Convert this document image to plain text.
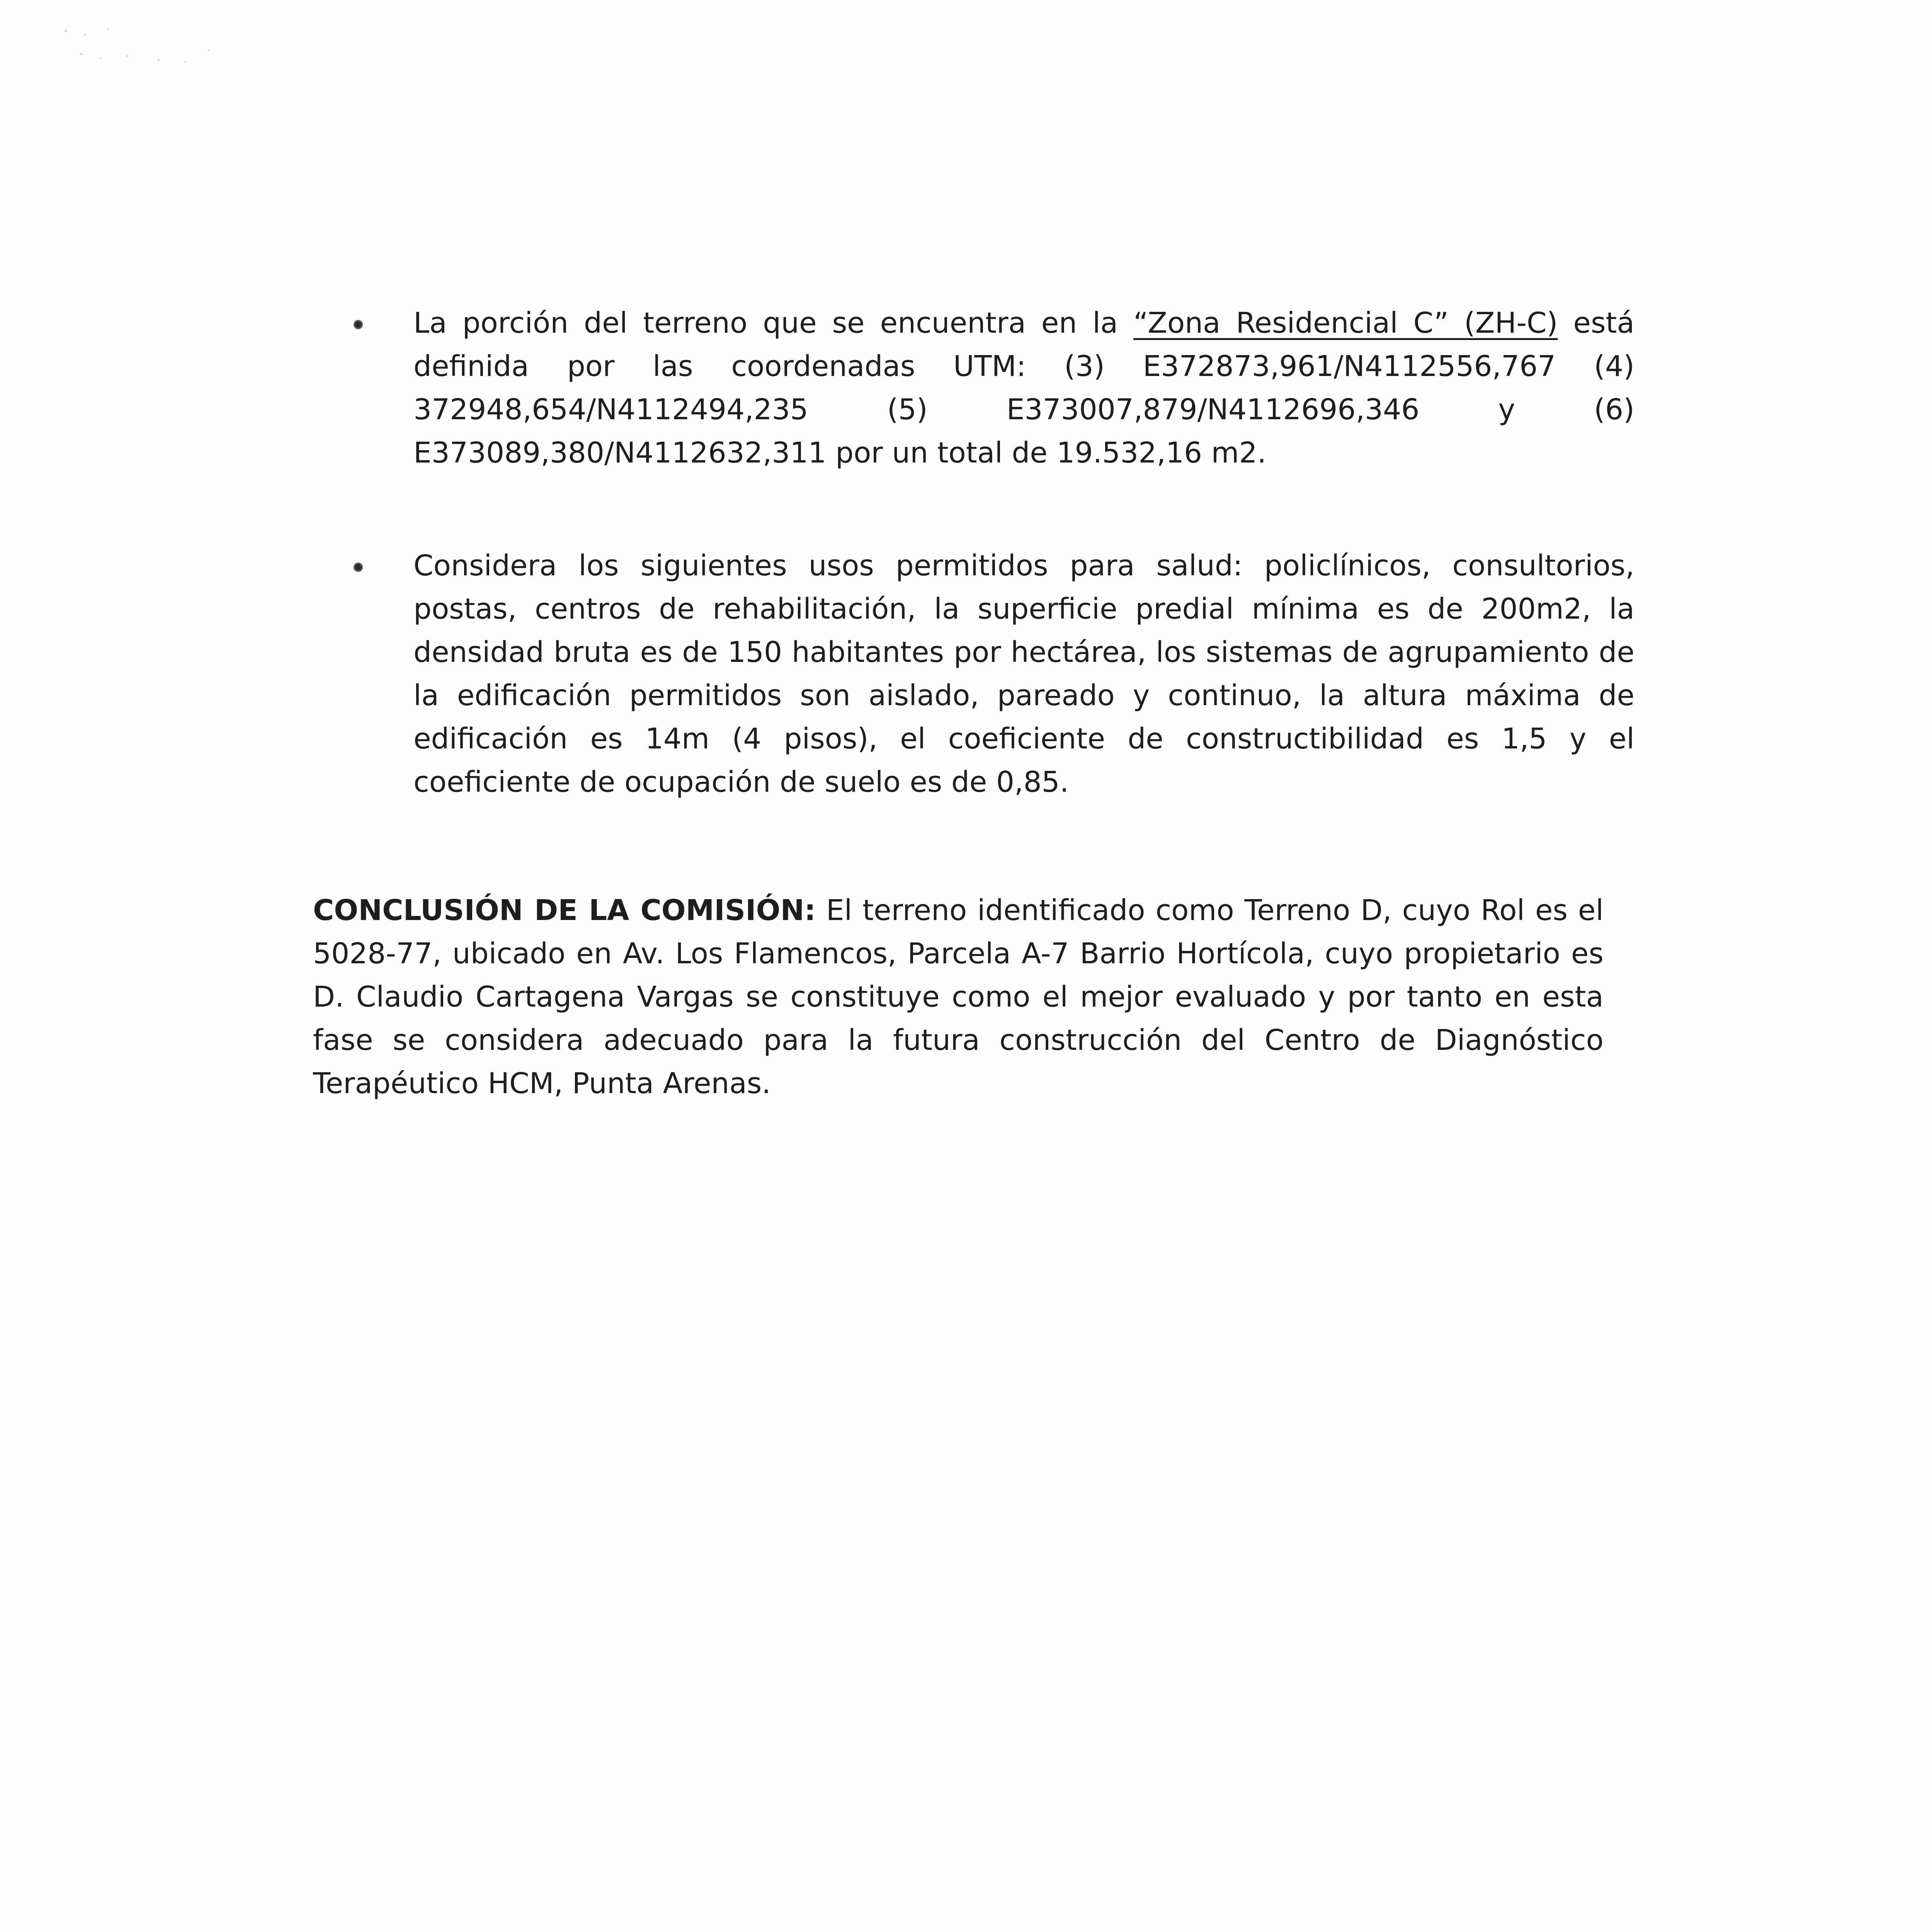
La porción del terreno que se encuentra en la “Zona Residencial C” (ZH-C) está definida por las coordenadas UTM: (3) E372873,961/N4112556,767 (4) 372948,654/N4112494,235 (5) E373007,879/N4112696,346 y (6) E373089,380/N4112632,311 por un total de 19.532,16 m2.
Considera los siguientes usos permitidos para salud: policlínicos, consultorios, postas, centros de rehabilitación, la superficie predial mínima es de 200m2, la densidad bruta es de 150 habitantes por hectárea, los sistemas de agrupamiento de la edificación permitidos son aislado, pareado y continuo, la altura máxima de edificación es 14m (4 pisos), el coeficiente de constructibilidad es 1,5 y el coeficiente de ocupación de suelo es de 0,85.

CONCLUSIÓN DE LA COMISIÓN: El terreno identificado como Terreno D, cuyo Rol es el 5028-77, ubicado en Av. Los Flamencos, Parcela A-7 Barrio Hortícola, cuyo propietario es D. Claudio Cartagena Vargas se constituye como el mejor evaluado y por tanto en esta fase se considera adecuado para la futura construcción del Centro de Diagnóstico Terapéutico HCM, Punta Arenas.
